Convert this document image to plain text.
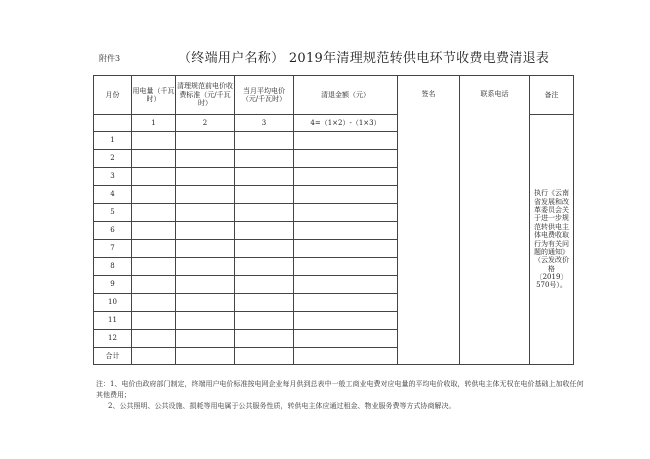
附件3	（终端用户名称） 2019年清理规范转供电环节收费电费清退表
月份	用电量（千瓦时）	清理规范前电价收费标准（元/千瓦时）	当月平均电价（元/千瓦时）	清退金额（元）	签名	联系电话	备注
	1	2	3	4=（1×2）-（1×3）			执行《云南省发展和改革委员会关于进一步规范转供电主体电费收取行为有关问题的通知》（云发改价格〔2019〕570号）。
1							
2							
3							
4							
5							
6							
7							
8							
9							
10							
11							
12							
合计							

注：1、电价由政府部门制定，终端用户电价标准按电网企业每月供到总表中一般工商业电费对应电量的平均电价收取，转供电主体无权在电价基础上加收任何其他费用；

2、公共照明、公共设施、损耗等用电属于公共服务性质，转供电主体应通过租金、物业服务费等方式协商解决。
